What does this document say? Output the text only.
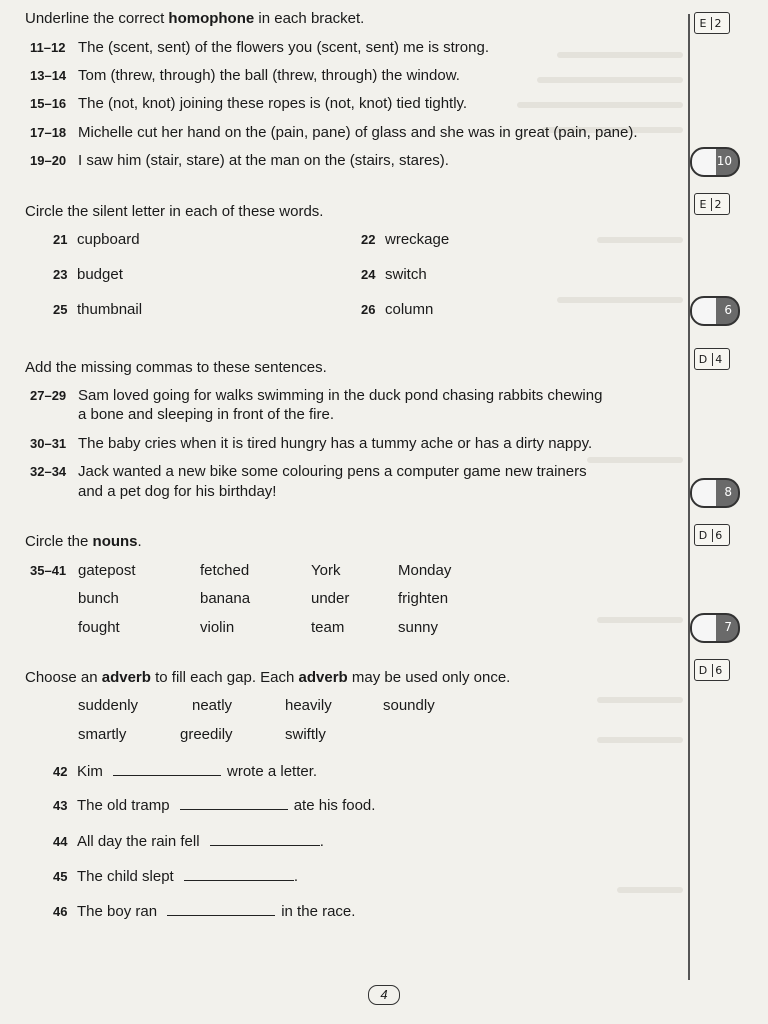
Underline the correct homophone in each bracket.	E 2
11–12 The (scent, sent) of the flowers you (scent, sent) me is strong.
13–14 Tom (threw, through) the ball (threw, through) the window.
15–16 The (not, knot) joining these ropes is (not, knot) tied tightly.
17–18 Michelle cut her hand on the (pain, pane) of glass and she was in great (pain, pane).
19–20 I saw him (stair, stare) at the man on the (stairs, stares).	10
Circle the silent letter in each of these words.	E 2
21 cupboard	22 wreckage
23 budget	24 switch
25 thumbnail	26 column	6
Add the missing commas to these sentences.	D 4
27–29 Sam loved going for walks swimming in the duck pond chasing rabbits chewing
a bone and sleeping in front of the fire.
30–31 The baby cries when it is tired hungry has a tummy ache or has a dirty nappy.
32–34 Jack wanted a new bike some colouring pens a computer game new trainers
and a pet dog for his birthday!	8
Circle the nouns.	D 6
35–41 gatepost	fetched	York	Monday
bunch	banana	under	frighten
fought	violin	team	sunny	7
Choose an adverb to fill each gap. Each adverb may be used only once.	D 6
suddenly	neatly	heavily	soundly
smartly	greedily	swiftly
42 Kim	wrote a letter.
43 The old tramp	ate his food.
44 All day the rain fell	.
45 The child slept	.
46 The boy ran	in the race.
4
